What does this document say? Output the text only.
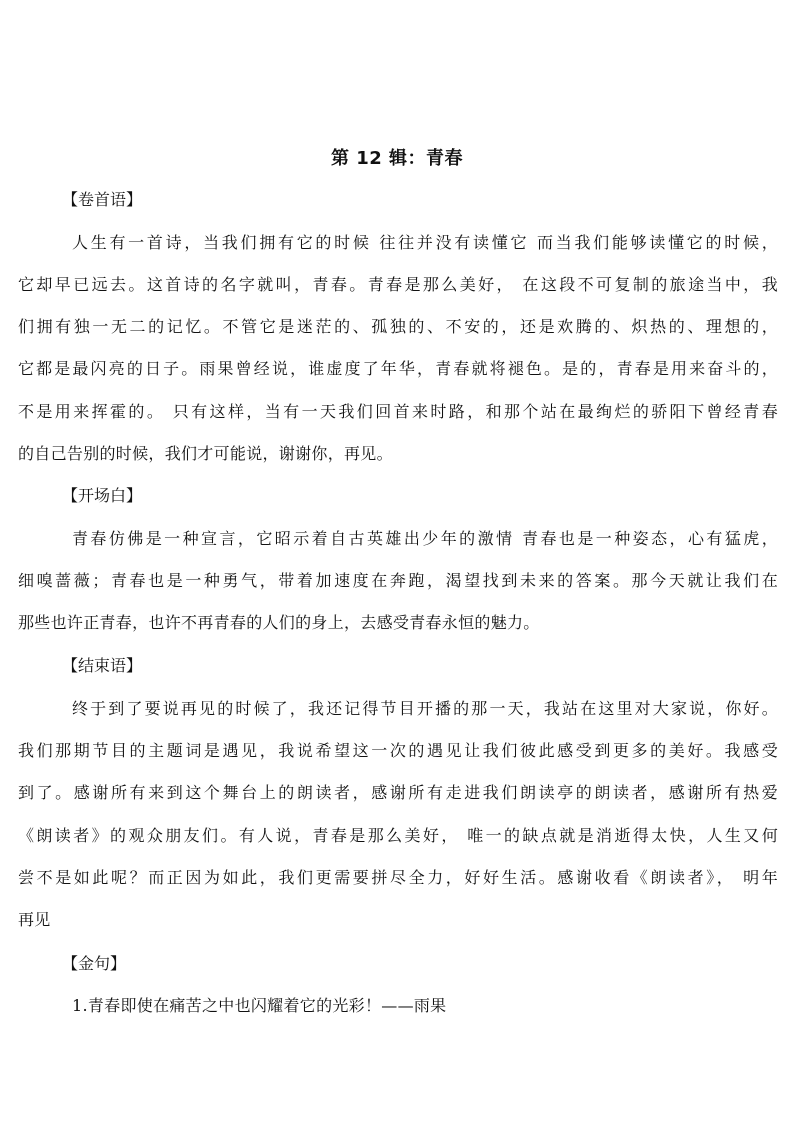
第 12 辑：青春
【卷首语】
人生有一首诗，当我们拥有它的时候 往往并没有读懂它 而当我们能够读懂它的时候，
它却早已远去。这首诗的名字就叫，青春。青春是那么美好， 在这段不可复制的旅途当中，我
们拥有独一无二的记忆。不管它是迷茫的、孤独的、不安的，还是欢腾的、炽热的、理想的，
它都是最闪亮的日子。雨果曾经说，谁虚度了年华，青春就将褪色。是的，青春是用来奋斗的，
不是用来挥霍的。 只有这样，当有一天我们回首来时路，和那个站在最绚烂的骄阳下曾经青春
的自己告别的时候，我们才可能说，谢谢你，再见。
【开场白】
青春仿佛是一种宣言，它昭示着自古英雄出少年的激情 青春也是一种姿态，心有猛虎，
细嗅蔷薇；青春也是一种勇气，带着加速度在奔跑，渴望找到未来的答案。那今天就让我们在
那些也许正青春，也许不再青春的人们的身上，去感受青春永恒的魅力。
【结束语】
终于到了要说再见的时候了，我还记得节目开播的那一天，我站在这里对大家说，你好。
我们那期节目的主题词是遇见，我说希望这一次的遇见让我们彼此感受到更多的美好。我感受
到了。感谢所有来到这个舞台上的朗读者，感谢所有走进我们朗读亭的朗读者，感谢所有热爱
《朗读者》的观众朋友们。有人说，青春是那么美好， 唯一的缺点就是消逝得太快，人生又何
尝不是如此呢？而正因为如此，我们更需要拼尽全力，好好生活。感谢收看《朗读者》， 明年
再见
【金句】
1.青春即使在痛苦之中也闪耀着它的光彩！——雨果
